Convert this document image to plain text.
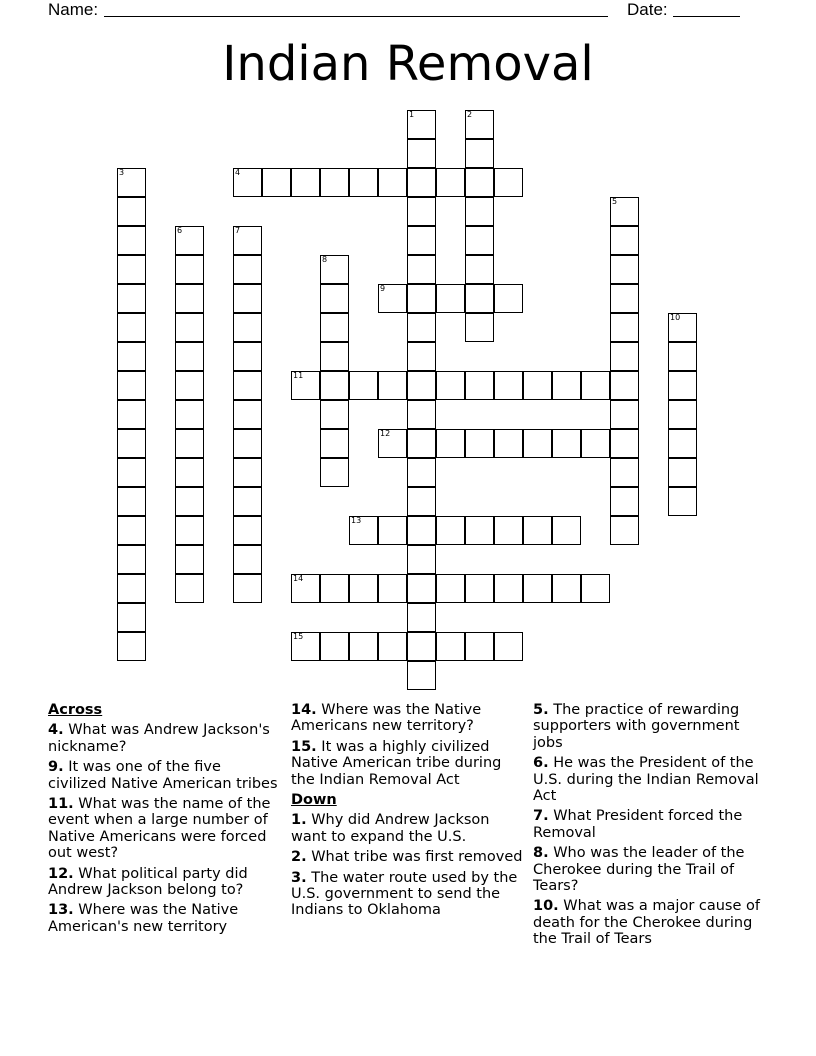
Name:	Date:
Indian Removal
1	2
3	4
5
6	7
8
9
10
11
12
13
14
15
Across
4. What was Andrew Jackson's nickname?
9. It was one of the five civilized Native American tribes
11. What was the name of the event when a large number of Native Americans were forced out west?
12. What political party did Andrew Jackson belong to?
13. Where was the Native American's new territory
14. Where was the Native Americans new territory?
15. It was a highly civilized Native American tribe during the Indian Removal Act
Down
1. Why did Andrew Jackson want to expand the U.S.
2. What tribe was first removed
3. The water route used by the U.S. government to send the Indians to Oklahoma
5. The practice of rewarding supporters with government jobs
6. He was the President of the U.S. during the Indian Removal Act
7. What President forced the Removal
8. Who was the leader of the Cherokee during the Trail of Tears?
10. What was a major cause of death for the Cherokee during the Trail of Tears
